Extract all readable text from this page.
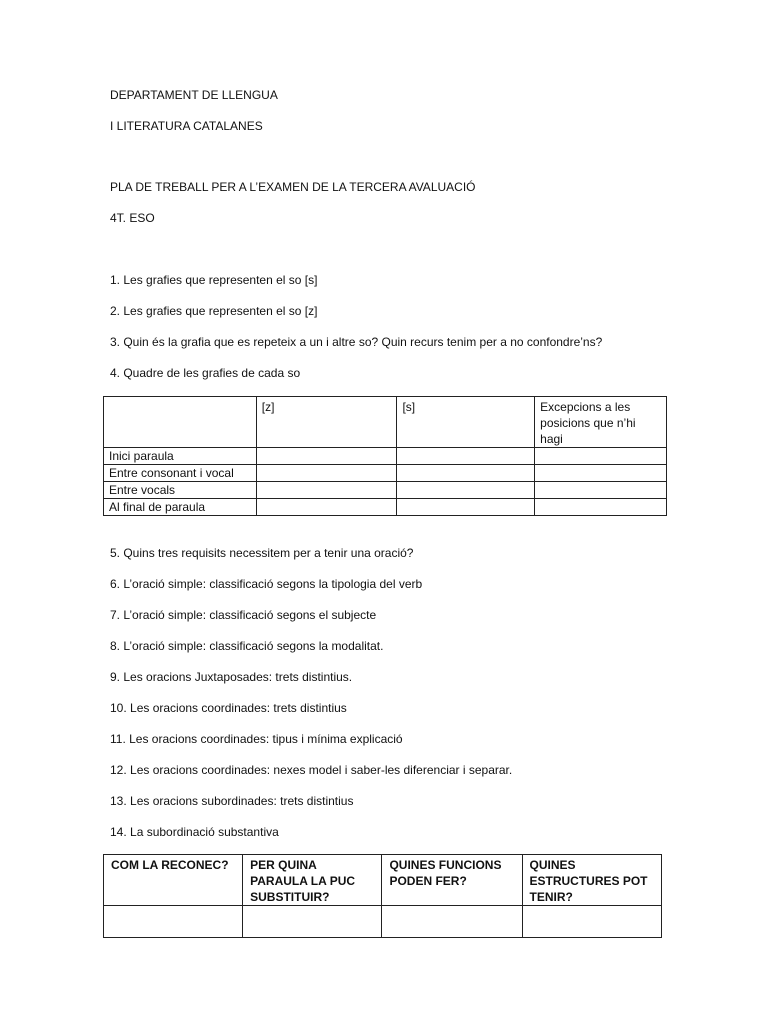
DEPARTAMENT DE LLENGUA
I LITERATURA CATALANES
PLA DE TREBALL PER A L’EXAMEN DE LA TERCERA AVALUACIÓ
4T. ESO
1. Les grafies que representen el so [s]
2. Les grafies que representen el so [z]
3. Quin és la grafia que es repeteix a un i altre so? Quin recurs tenim per a no confondre’ns?
4. Quadre de les grafies de cada so
	[z]	[s]	Excepcions a les posicions que n’hi hagi
Inici paraula			
Entre consonant i vocal			
Entre vocals			
Al final de paraula			
5. Quins tres requisits necessitem per a tenir una oració?
6. L’oració simple: classificació segons la tipologia del verb
7. L’oració simple: classificació segons el subjecte
8. L’oració simple: classificació segons la modalitat.
9. Les oracions Juxtaposades: trets distintius.
10. Les oracions coordinades: trets distintius
11. Les oracions coordinades: tipus i mínima explicació
12. Les oracions coordinades: nexes model i saber-les diferenciar i separar.
13. Les oracions subordinades: trets distintius
14. La subordinació substantiva
COM LA RECONEC?	PER QUINA PARAULA LA PUC SUBSTITUIR?	QUINES FUNCIONS PODEN FER?	QUINES ESTRUCTURES POT TENIR?
